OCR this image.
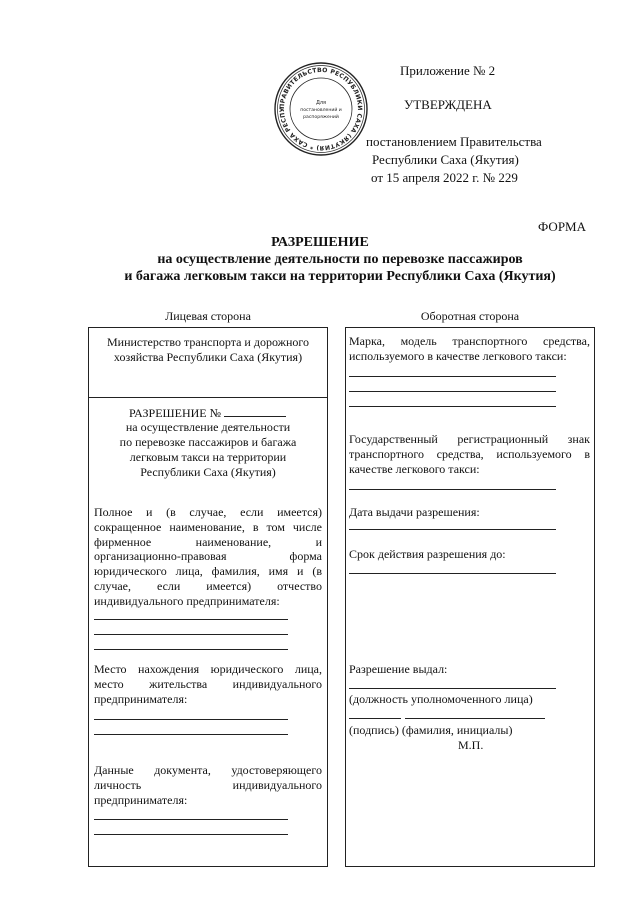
ПРАВИТЕЛЬСТВО РЕСПУБЛИКИ САХА (ЯКУТИЯ) * САХА РЕСПУ
Для
постановлений и
распоряжений
Приложение № 2
УТВЕРЖДЕНА
постановлением Правительства
Республики Саха (Якутия)
от 15 апреля 2022 г. № 229
ФОРМА
РАЗРЕШЕНИЕ
на осуществление деятельности по перевозке пассажиров
и багажа легковым такси на территории Республики Саха (Якутия)
Лицевая сторона	Оборотная сторона
Министерство транспорта и дорожного
хозяйства Республики Саха (Якутия)
РАЗРЕШЕНИЕ №
на осуществление деятельности
по перевозке пассажиров и багажа
легковым такси на территории
Республики Саха (Якутия)
Полное и (в случае, если имеется) сокращенное наименование, в том числе фирменное наименование, и организационно-правовая форма юридического лица, фамилия, имя и (в случае, если имеется) отчество индивидуального предпринимателя:
Место нахождения юридического лица, место жительства индивидуального предпринимателя:
Данные документа, удостоверяющего личность индивидуального предпринимателя:
Марка, модель транспортного средства, используемого в качестве легкового такси:
Государственный регистрационный знак транспортного средства, используемого в качестве легкового такси:
Дата выдачи разрешения:
Срок действия разрешения до:
Разрешение выдал:
(должность уполномоченного лица)
(подпись) (фамилия, инициалы)
М.П.
